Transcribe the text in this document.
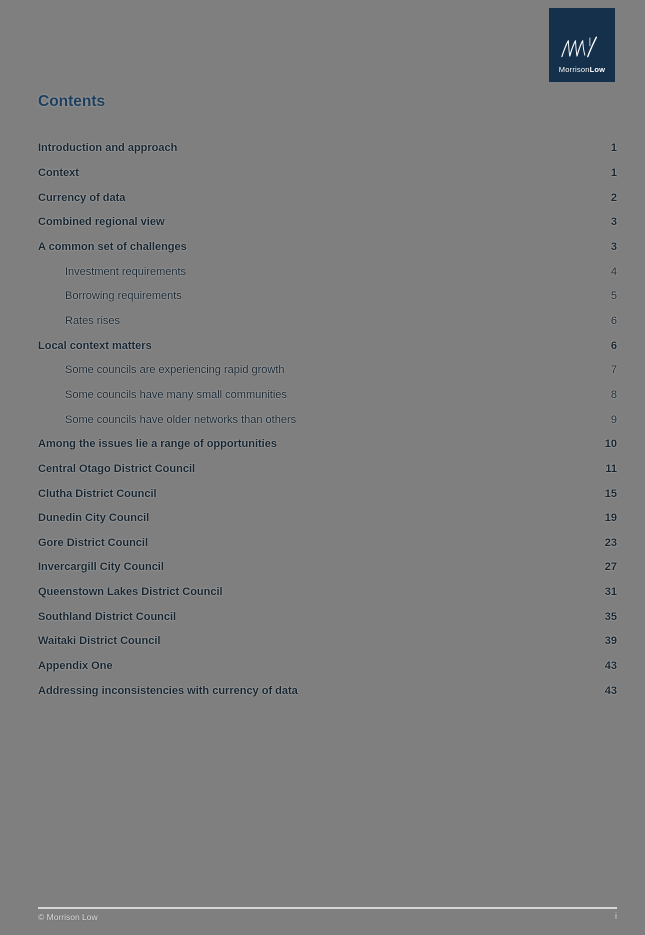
MorrisonLow
Contents
Introduction and approach	1
Context	1
Currency of data	2
Combined regional view	3
A common set of challenges	3
Investment requirements	4
Borrowing requirements	5
Rates rises	6
Local context matters	6
Some councils are experiencing rapid growth	7
Some councils have many small communities	8
Some councils have older networks than others	9
Among the issues lie a range of opportunities	10
Central Otago District Council	11
Clutha District Council	15
Dunedin City Council	19
Gore District Council	23
Invercargill City Council	27
Queenstown Lakes District Council	31
Southland District Council	35
Waitaki District Council	39
Appendix One	43
Addressing inconsistencies with currency of data	43
© Morrison Low	i
